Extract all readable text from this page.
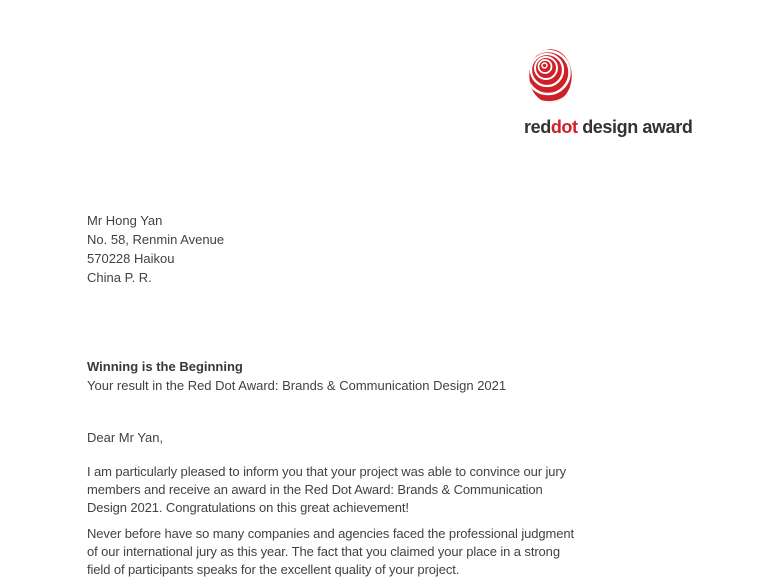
reddot design award
Mr Hong Yan
No. 58, Renmin Avenue
570228 Haikou
China P. R.
Winning is the Beginning
Your result in the Red Dot Award: Brands & Communication Design 2021
Dear Mr Yan,
I am particularly pleased to inform you that your project was able to convince our jury
members and receive an award in the Red Dot Award: Brands & Communication
Design 2021. Congratulations on this great achievement!
Never before have so many companies and agencies faced the professional judgment
of our international jury as this year. The fact that you claimed your place in a strong
field of participants speaks for the excellent quality of your project.
